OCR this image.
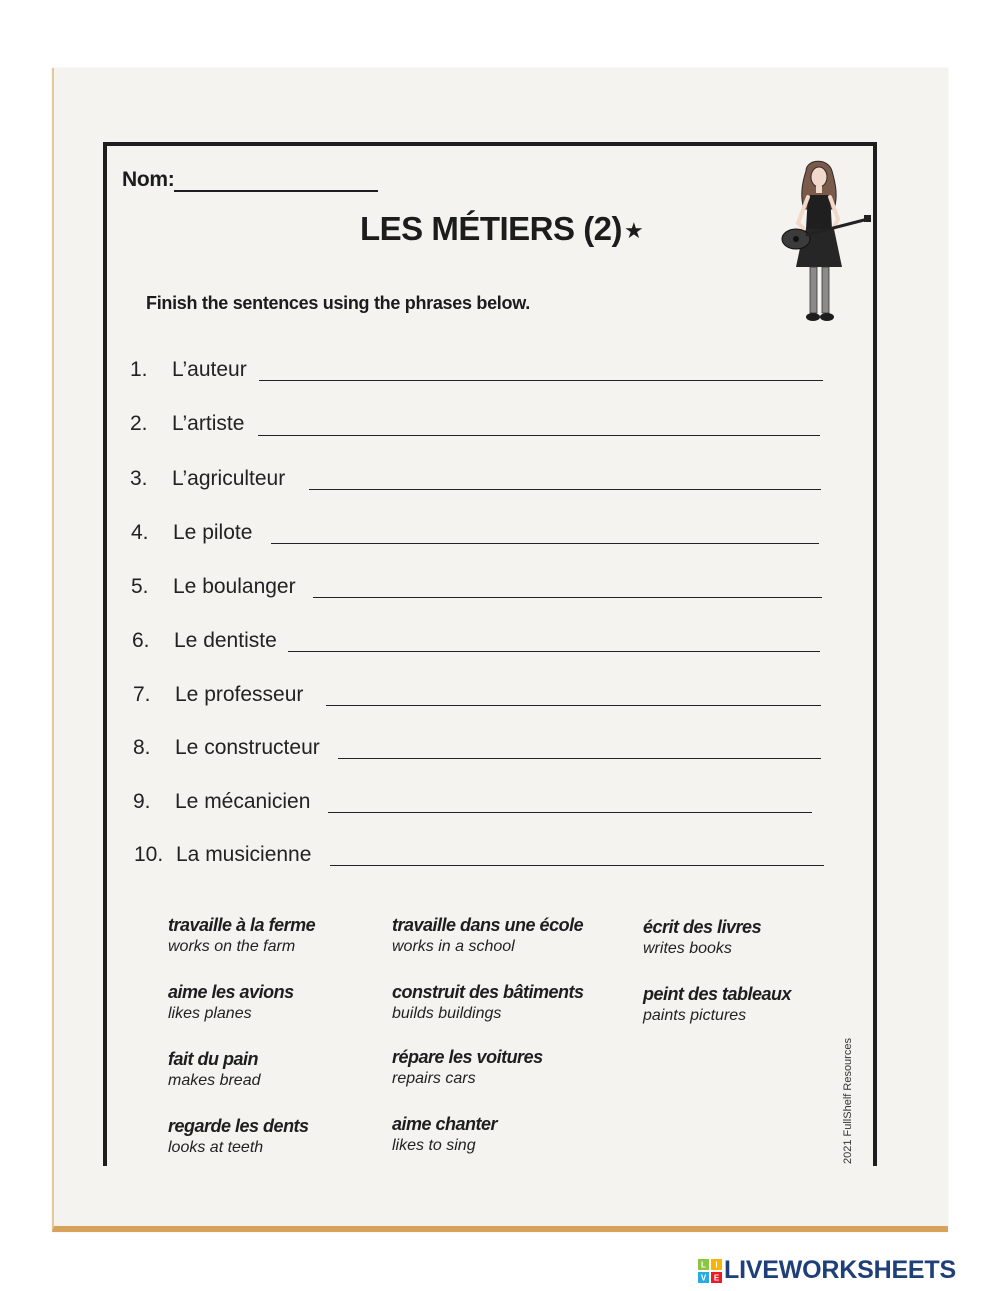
Nom:
LES MÉTIERS (2) ★
Finish the sentences using the phrases below.
1. L’auteur
2. L’artiste
3. L’agriculteur
4. Le pilote
5. Le boulanger
6. Le dentiste
7. Le professeur
8. Le constructeur
9. Le mécanicien
10. La musicienne
travaille à la ferme
works on the farm
travaille dans une école
works in a school
écrit des livres
writes books
aime les avions
likes planes
construit des bâtiments
builds buildings
peint des tableaux
paints pictures
fait du pain
makes bread
répare les voitures
repairs cars
regarde les dents
looks at teeth
aime chanter
likes to sing	2021 FullShelf Resources
L I
V E LIVEWORKSHEETS
